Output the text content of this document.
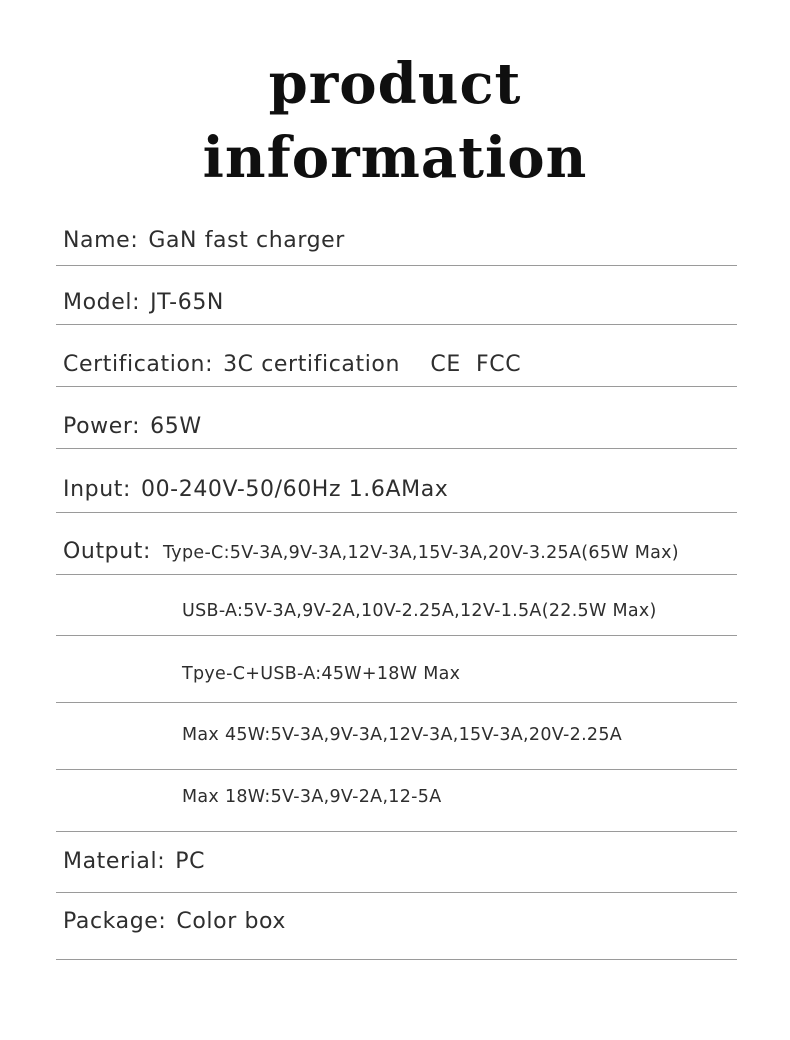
product
information
Name: GaN fast charger
Model: JT-65N
Certification: 3C certification    CE  FCC
Power: 65W
Input: 00-240V-50/60Hz 1.6AMax
Output: Type-C:5V-3A,9V-3A,12V-3A,15V-3A,20V-3.25A(65W Max)
USB-A:5V-3A,9V-2A,10V-2.25A,12V-1.5A(22.5W Max)
Tpye-C+USB-A:45W+18W Max
Max 45W:5V-3A,9V-3A,12V-3A,15V-3A,20V-2.25A
Max 18W:5V-3A,9V-2A,12-5A
Material: PC
Package: Color box
